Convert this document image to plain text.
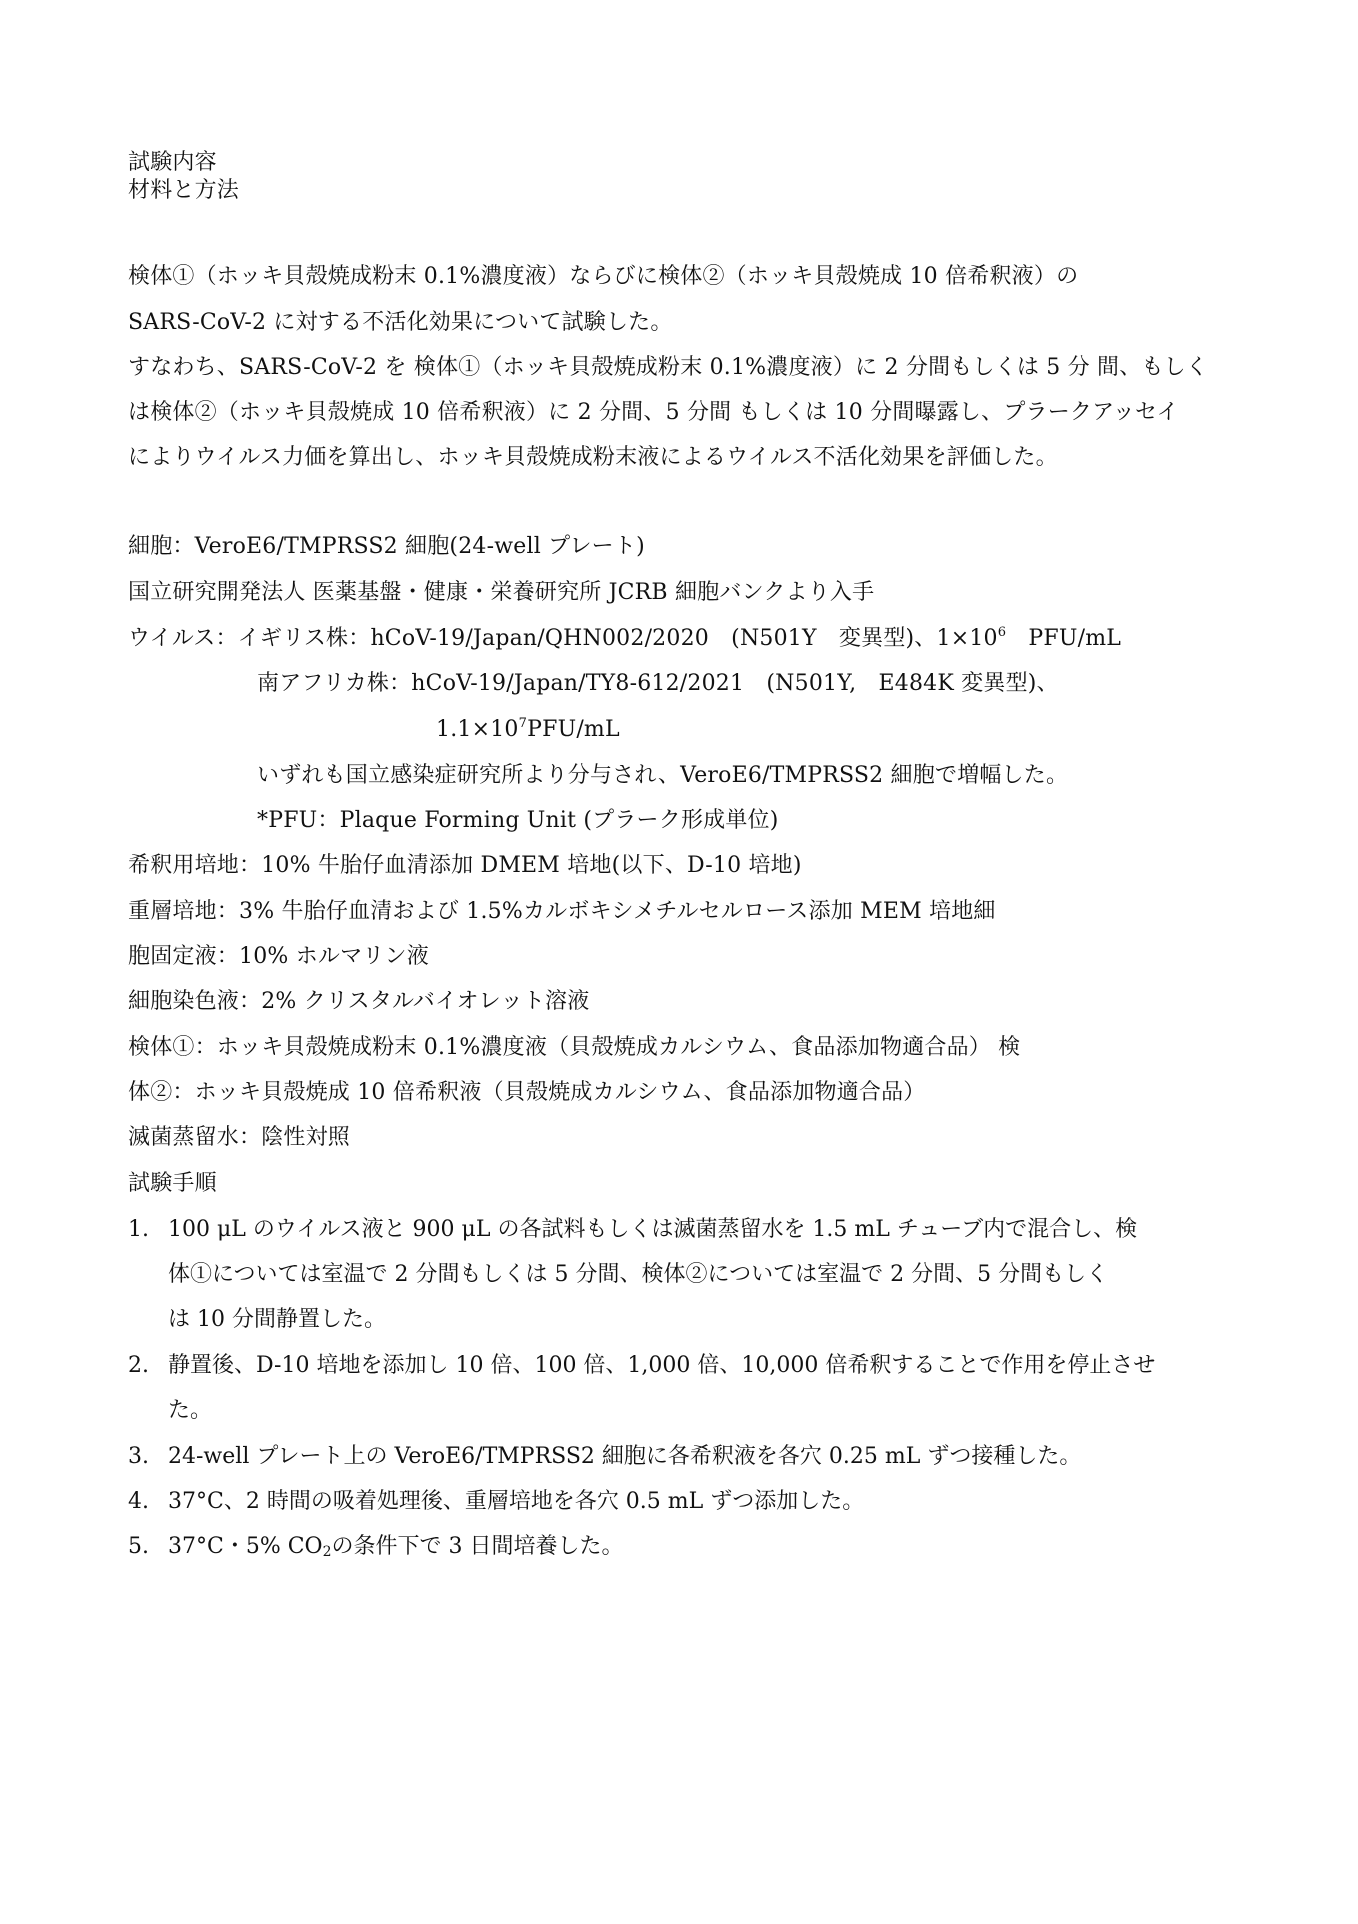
試験内容
材料と方法
検体①（ホッキ貝殻焼成粉末 0.1%濃度液）ならびに検体②（ホッキ貝殻焼成 10 倍希釈液）の
SARS-CoV-2 に対する不活化効果について試験した。
すなわち、SARS-CoV-2 を 検体①（ホッキ貝殻焼成粉末 0.1%濃度液）に 2 分間もしくは 5 分 間、もしく
は検体②（ホッキ貝殻焼成 10 倍希釈液）に 2 分間、5 分間 もしくは 10 分間曝露し、プラークアッセイ
によりウイルス力価を算出し、ホッキ貝殻焼成粉末液によるウイルス不活化効果を評価した。
細胞：VeroE6/TMPRSS2 細胞(24-well プレート)
国立研究開発法人 医薬基盤・健康・栄養研究所 JCRB 細胞バンクより入手
ウイルス：イギリス株：hCoV-19/Japan/QHN002/2020　(N501Y　変異型)、$1\times 10^6$　PFU/mL
南アフリカ株：hCoV-19/Japan/TY8-612/2021　(N501Y,　E484K 変異型)、
$1.1\times 10^7PFU/mL$
いずれも国立感染症研究所より分与され、VeroE6/TMPRSS2 細胞で増幅した。
*PFU：Plaque Forming Unit (プラーク形成単位)
希釈用培地：10% 牛胎仔血清添加 DMEM 培地(以下、D-10 培地)
重層培地：3% 牛胎仔血清および 1.5%カルボキシメチルセルロース添加 MEM 培地細
胞固定液：10% ホルマリン液
細胞染色液：2% クリスタルバイオレット溶液
検体①：ホッキ貝殻焼成粉末 0.1%濃度液（貝殻焼成カルシウム、食品添加物適合品） 検
体②：ホッキ貝殻焼成 10 倍希釈液（貝殻焼成カルシウム、食品添加物適合品）
滅菌蒸留水：陰性対照
試験手順
1. 100 μL のウイルス液と 900 μL の各試料もしくは滅菌蒸留水を 1.5 mL チューブ内で混合し、検
体①については室温で 2 分間もしくは 5 分間、検体②については室温で 2 分間、5 分間もしく
は 10 分間静置した。
2. 静置後、D-10 培地を添加し 10 倍、100 倍、1,000 倍、10,000 倍希釈することで作用を停止させ
た。
3. 24-well プレート上の VeroE6/TMPRSS2 細胞に各希釈液を各穴 0.25 mL ずつ接種した。
4. 37°C、2 時間の吸着処理後、重層培地を各穴 0.5 mL ずつ添加した。
5. 37°C・5% $CO_2$の条件下で 3 日間培養した。
